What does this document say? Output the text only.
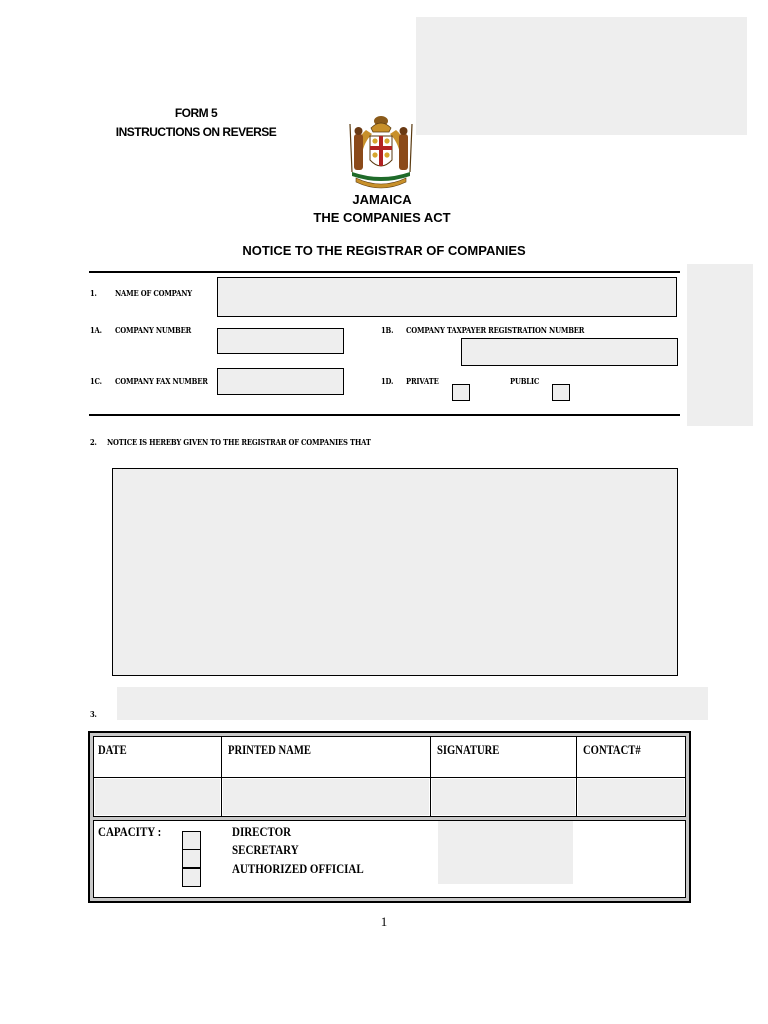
FORM 5
INSTRUCTIONS ON REVERSE
JAMAICA
THE COMPANIES ACT
NOTICE TO THE REGISTRAR OF COMPANIES
1. NAME OF COMPANY
1A. COMPANY NUMBER	1B. COMPANY TAXPAYER REGISTRATION NUMBER
1C. COMPANY FAX NUMBER	1D. PRIVATE	PUBLIC
2. NOTICE IS HEREBY GIVEN TO THE REGISTRAR OF COMPANIES THAT
3.
DATE	PRINTED NAME	SIGNATURE	CONTACT#
CAPACITY :	DIRECTOR
SECRETARY
AUTHORIZED OFFICIAL
1
